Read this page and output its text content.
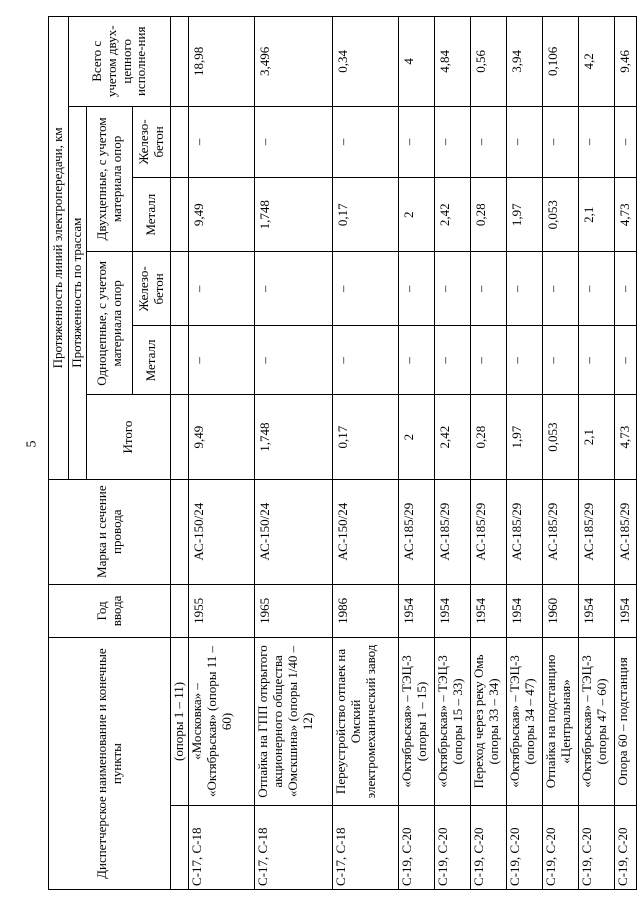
5
Диспетчерское наименование и конечные пункты		Год ввода	Марка и сечение провода	Протяженность линий электропередачи, км					
				Протяженность по трассам					Всего с учетом двух-цепного исполне-ния
				Итого	Одноцепные, с учетом материала опор		Двухцепные, с учетом материала опор		
					Металл	Железо-бетон	Металл	Железо-бетон	
	(опоры 1 – 11)								
С-17, С-18	«Московка» – «Октябрьская» (опоры 11 – 60)	1955	АС-150/24	9,49	–	–	9,49	–	18,98
С-17, С-18	Отпайка на ГПП открытого акционерного общества «Омскшина» (опоры 1/40 – 12)	1965	АС-150/24	1,748	–	–	1,748	–	3,496
С-17, С-18	Переустройство отпаек на Омский электромеханический завод	1986	АС-150/24	0,17	–	–	0,17	–	0,34
С-19, С-20	«Октябрьская» – ТЭЦ-3 (опоры 1 – 15)	1954	АС-185/29	2	–	–	2	–	4
С-19, С-20	«Октябрьская» – ТЭЦ-3 (опоры 15 – 33)	1954	АС-185/29	2,42	–	–	2,42	–	4,84
С-19, С-20	Переход через реку Омь (опоры 33 – 34)	1954	АС-185/29	0,28	–	–	0,28	–	0,56
С-19, С-20	«Октябрьская» – ТЭЦ-3 (опоры 34 – 47)	1954	АС-185/29	1,97	–	–	1,97	–	3,94
С-19, С-20	Отпайка на подстанцию «Центральная»	1960	АС-185/29	0,053	–	–	0,053	–	0,106
С-19, С-20	«Октябрьская» – ТЭЦ-3 (опоры 47 – 60)	1954	АС-185/29	2,1	–	–	2,1	–	4,2
С-19, С-20	Опора 60 – подстанция	1954	АС-185/29	4,73	–	–	4,73	–	9,46
